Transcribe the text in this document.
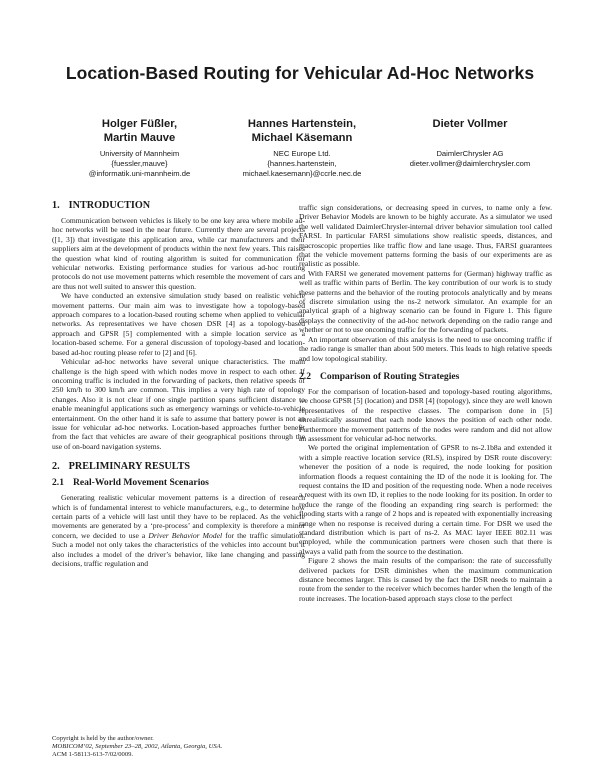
Location-Based Routing for Vehicular Ad-Hoc Networks
Holger Füßler,
Martin Mauve
University of Mannheim
{fuessler,mauve}
@informatik.uni-mannheim.de
Hannes Hartenstein,
Michael Käsemann
NEC Europe Ltd.
{hannes.hartenstein,
michael.kaesemann}@ccrle.nec.de
Dieter Vollmer
DaimlerChrysler AG
dieter.vollmer@daimlerchrysler.com
1. INTRODUCTION

Communication between vehicles is likely to be one key area where mobile ad-hoc networks will be used in the near future. Currently there are several projects ([1, 3]) that investigate this application area, while car manufacturers and their suppliers aim at the development of products within the next few years. This raises the question what kind of routing algorithm is suited for communication for vehicular networks. Existing performance studies for various ad-hoc routing protocols do not use movement patterns which resemble the movement of cars and are thus not well suited to answer this question.

We have conducted an extensive simulation study based on realistic vehicle movement patterns. Our main aim was to investigate how a topology-based approach compares to a location-based routing scheme when applied to vehicular networks. As representatives we have chosen DSR [4] as a topology-based approach and GPSR [5] complemented with a simple location service as a location-based scheme. For a general discussion of topology-based and location-based ad-hoc routing please refer to [2] and [6].

Vehicular ad-hoc networks have several unique characteristics. The main challenge is the high speed with which nodes move in respect to each other. If oncoming traffic is included in the forwarding of packets, then relative speeds of 250 km/h to 300 km/h are common. This implies a very high rate of topology changes. Also it is not clear if one single partition spans sufficient distance to enable meaningful applications such as emergency warnings or vehicle-to-vehicle entertainment. On the other hand it is safe to assume that battery power is not an issue for vehicular ad-hoc networks. Location-based approaches further benefit from the fact that vehicles are aware of their geographical positions through the use of on-board navigation systems.

2. PRELIMINARY RESULTS
2.1 Real-World Movement Scenarios

Generating realistic vehicular movement patterns is a direction of research which is of fundamental interest to vehicle manufacturers, e.g., to determine how certain parts of a vehicle will last until they have to be replaced. As the vehicle movements are generated by a ‘pre-process’ and complexity is therefore a minor concern, we decided to use a Driver Behavior Model for the traffic simulation. Such a model not only takes the characteristics of the vehicles into account but it also includes a model of the driver’s behavior, like lane changing and passing decisions, traffic regulation and

Copyright is held by the author/owner.
MOBICOM’02, September 23–28, 2002, Atlanta, Georgia, USA.
ACM 1-58113-613-7/02/0009.

traffic sign considerations, or decreasing speed in curves, to name only a few. Driver Behavior Models are known to be highly accurate. As a simulator we used the well validated DaimlerChrysler-internal driver behavior simulation tool called FARSI. In particular FARSI simulations show realistic speeds, distances, and macroscopic properties like traffic flow and lane usage. Thus, FARSI guarantees that the vehicle movement patterns forming the basis of our experiments are as realistic as possible.

With FARSI we generated movement patterns for (German) highway traffic as well as traffic within parts of Berlin. The key contribution of our work is to study these patterns and the behavior of the routing protocols analytically and by means of discrete simulation using the ns-2 network simulator. An example for an analytical graph of a highway scenario can be found in Figure 1. This figure displays the connectivity of the ad-hoc network depending on the radio range and whether or not to use oncoming traffic for the forwarding of packets.

An important observation of this analysis is the need to use oncoming traffic if the radio range is smaller than about 500 meters. This leads to high relative speeds and low topological stability.

2.2 Comparison of Routing Strategies

For the comparison of location-based and topology-based routing algorithms, we choose GPSR [5] (location) and DSR [4] (topology), since they are well known representatives of the respective classes. The comparison done in [5] unrealistically assumed that each node knows the position of each other node. Furthermore the movement patterns of the nodes were random and did not allow an assessment for vehicular ad-hoc networks.

We ported the original implementation of GPSR to ns-2.1b8a and extended it with a simple reactive location service (RLS), inspired by DSR route discovery: whenever the position of a node is required, the node looking for position information floods a request containing the ID of the node it is looking for. The request contains the ID and position of the requesting node. When a node receives a request with its own ID, it replies to the node looking for its position. In order to reduce the range of the flooding an expanding ring search is performed: the flooding starts with a range of 2 hops and is repeated with exponentially increasing range when no response is received during a certain time. For DSR we used the standard distribution which is part of ns-2. As MAC layer IEEE 802.11 was employed, while the communication partners were chosen such that there is always a valid path from the source to the destination.

Figure 2 shows the main results of the comparison: the rate of successfully delivered packets for DSR diminishes when the maximum communication distance becomes larger. This is caused by the fact the DSR needs to maintain a route from the sender to the receiver which becomes harder when the length of the route increases. The location-based approach stays close to the perfect
